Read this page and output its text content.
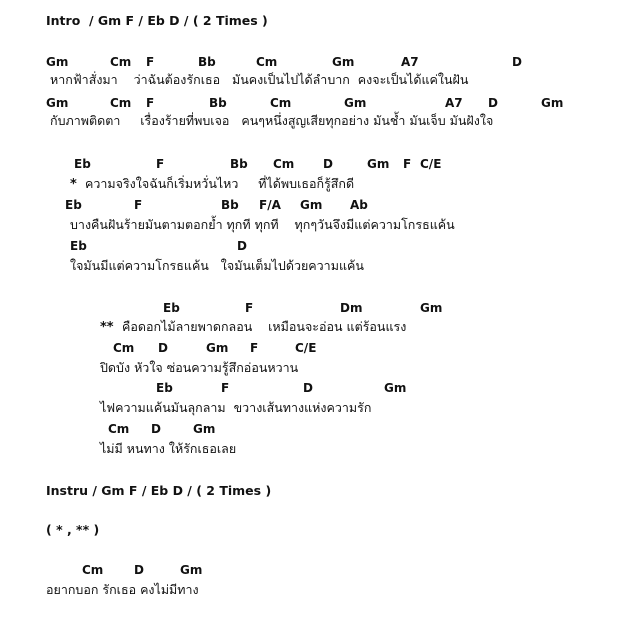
Intro  / Gm F / Eb D / ( 2 Times )
Gm	Cm F	Bb	Cm	Gm	A7	D
หากฟ้าสั่งมา    ว่าฉันต้องรักเธอ   มันคงเป็นไปได้ลำบาก  คงจะเป็นได้แค่ในฝัน
Gm	Cm F	Bb	Cm	Gm	A7 D	Gm
กับภาพติดตา     เรื่องร้ายที่พบเจอ   คนๆหนึ่งสูญเสียทุกอย่าง มันช้ำ มันเจ็บ มันฝังใจ
Eb	F	Bb Cm D	Gm F C/E
* ความจริงใจฉันก็เริ่มหวั่นไหว     ที่ได้พบเธอก็รู้สึกดี
Eb	F	Bb F/A Gm Ab
บางคืนฝันร้ายมันตามตอกย้ำ ทุกที ทุกที    ทุกๆวันจึงมีแต่ความโกรธแค้น
Eb	D
ใจมันมีแต่ความโกรธแค้น   ใจมันเต็มไปด้วยความแค้น
Eb	F	Dm	Gm
** คือดอกไม้ลายพาดกลอน    เหมือนจะอ่อน แต่ร้อนแรง
Cm D	Gm F	C/E
ปิดบัง หัวใจ ซ่อนความรู้สึกอ่อนหวาน
Eb	F	D	Gm
ไฟความแค้นมันลุกลาม  ขวางเส้นทางแห่งความรัก
Cm D	Gm
ไม่มี หนทาง ให้รักเธอเลย
Instru / Gm F / Eb D / ( 2 Times )
( * , ** )
Cm	D	Gm
อยากบอก รักเธอ คงไม่มีทาง
